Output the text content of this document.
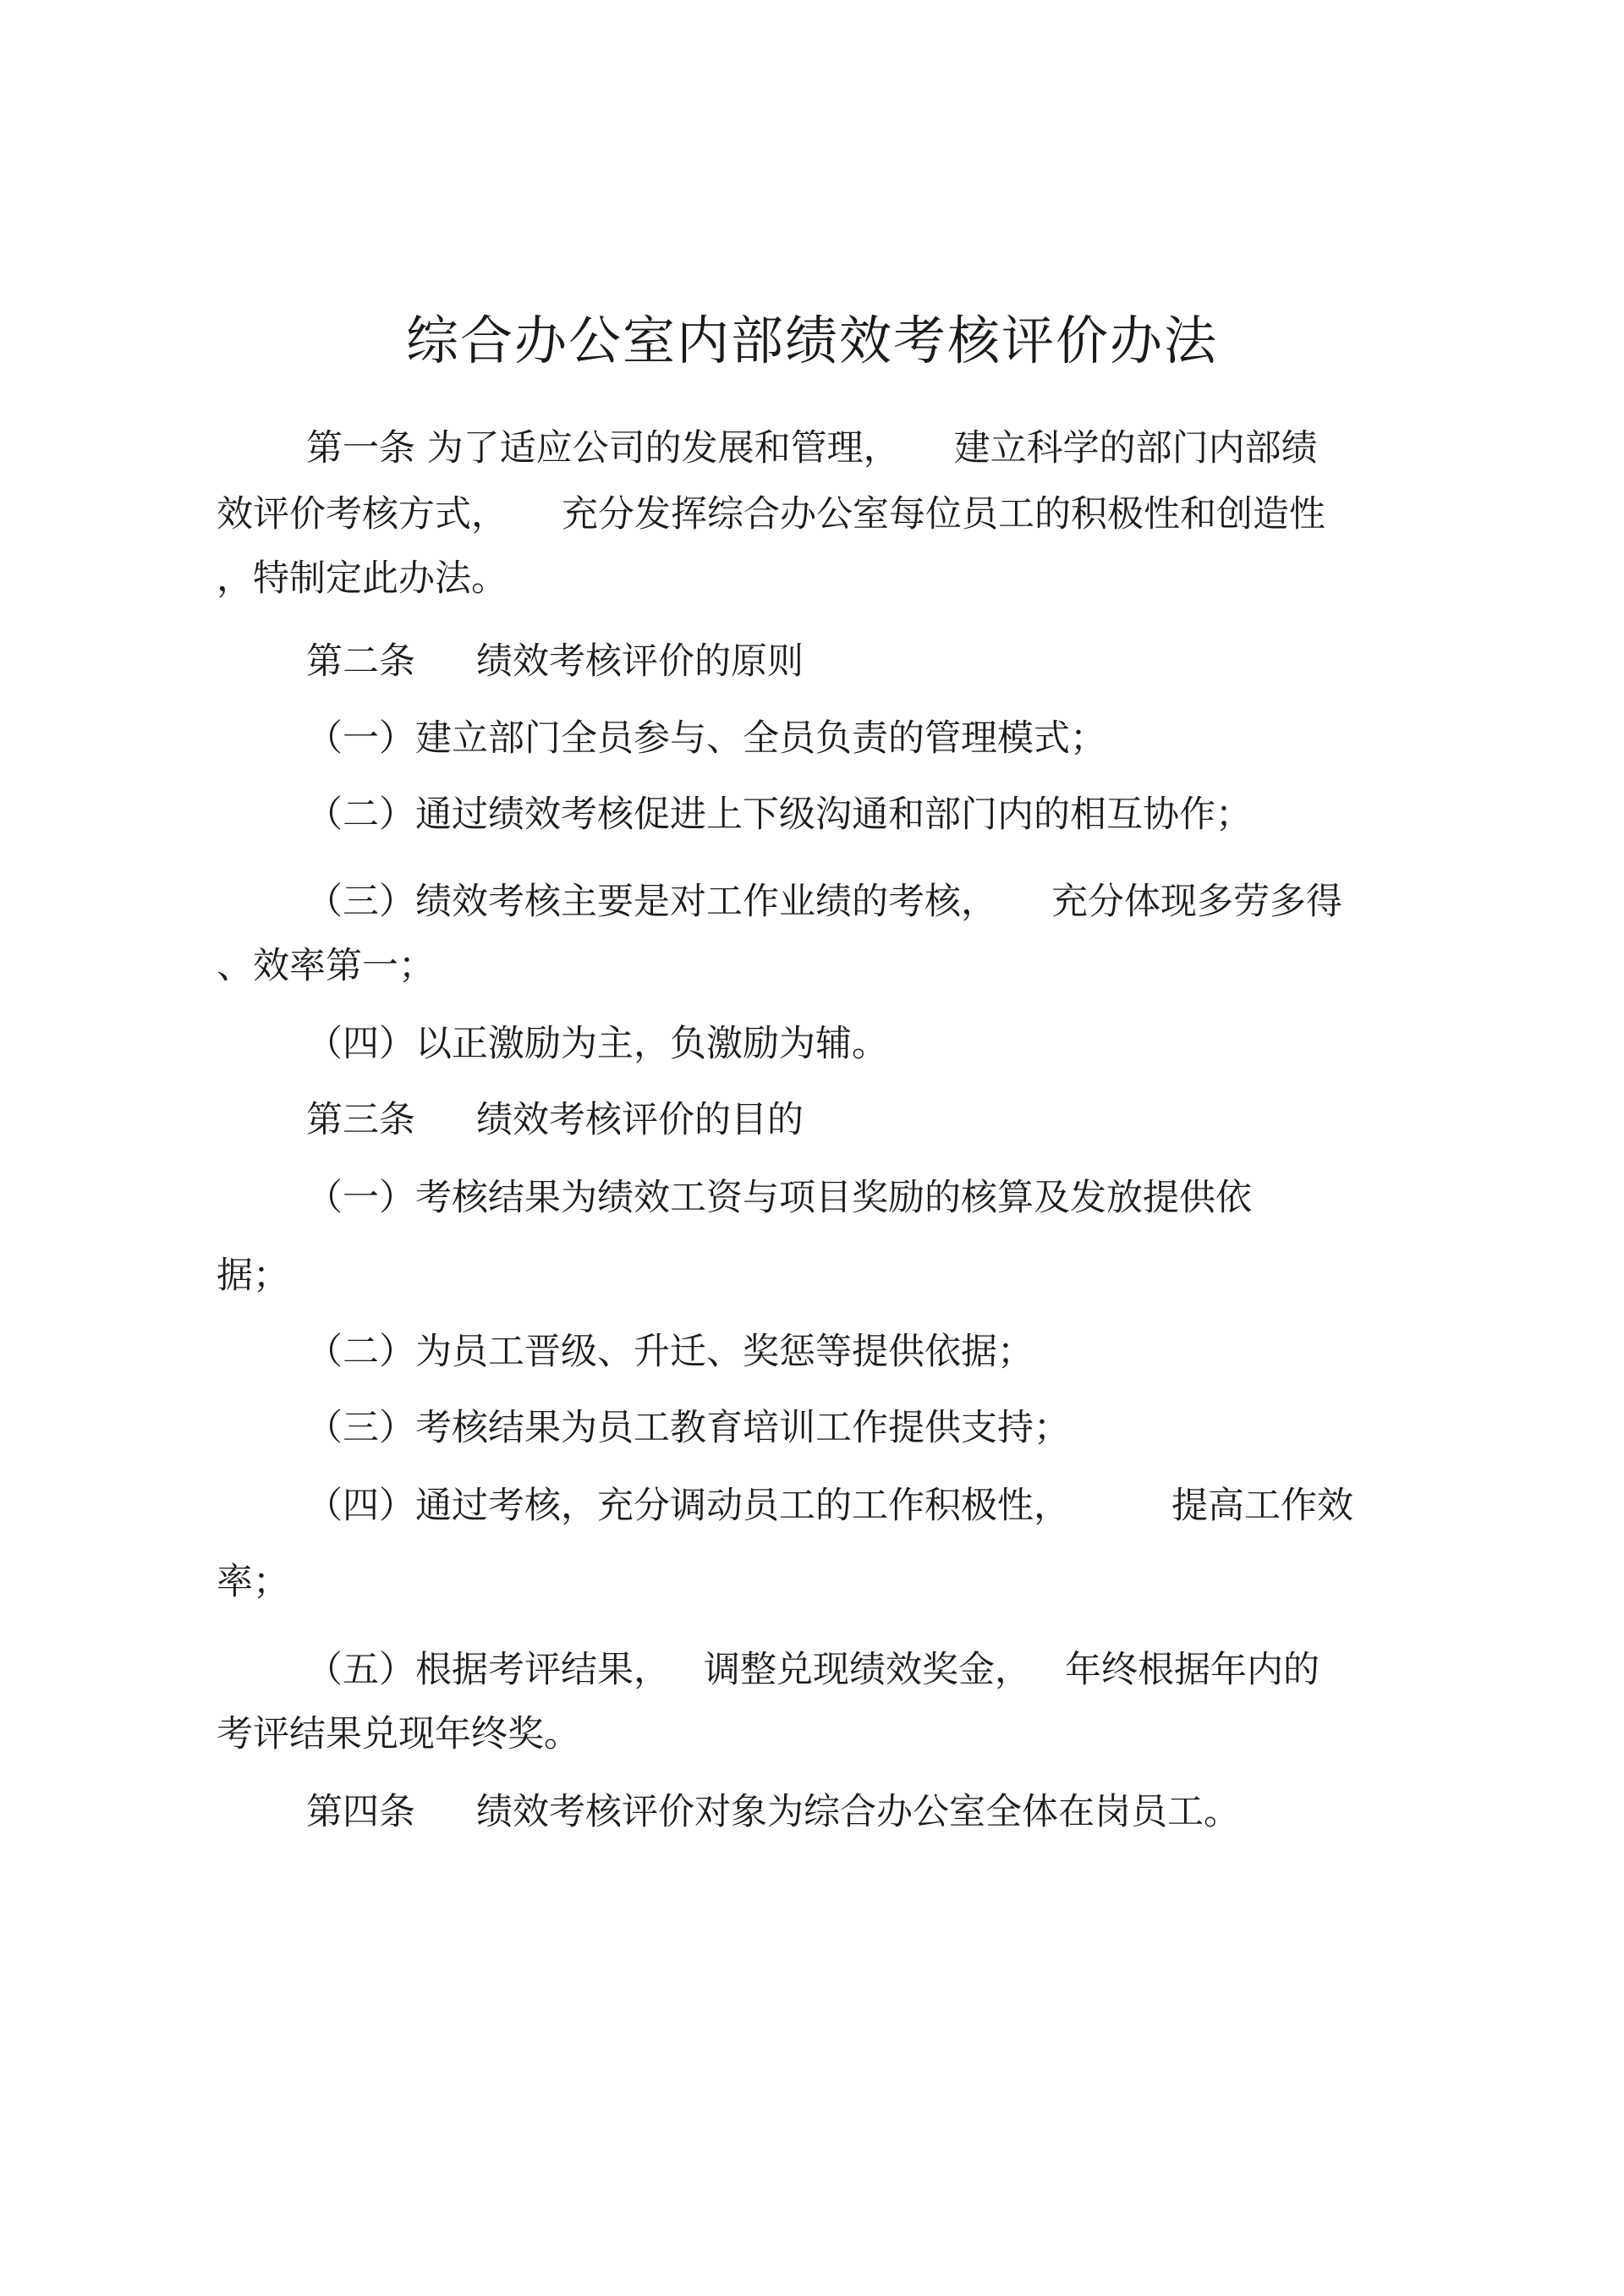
综合办公室内部绩效考核评价办法
第一条 为了适应公司的发展和管理， 建立科学的部门内部绩
效评价考核方式， 充分发挥综合办公室每位员工的积极性和创造性
，特制定此办法。
第二条 绩效考核评价的原则
（一）建立部门全员参与、全员负责的管理模式；
（二）通过绩效考核促进上下级沟通和部门内的相互协作；
（三）绩效考核主要是对工作业绩的考核， 充分体现多劳多得
、效率第一；
（四）以正激励为主，负激励为辅。
第三条 绩效考核评价的目的
（一）考核结果为绩效工资与项目奖励的核算及发放提供依
据；
（二）为员工晋级、升迁、奖惩等提供依据；
（三）考核结果为员工教育培训工作提供支持；
（四）通过考核，充分调动员工的工作积极性，	提高工作效
率；
（五）根据考评结果， 调整兑现绩效奖金， 年终根据年内的
考评结果兑现年终奖。
第四条 绩效考核评价对象为综合办公室全体在岗员工。
